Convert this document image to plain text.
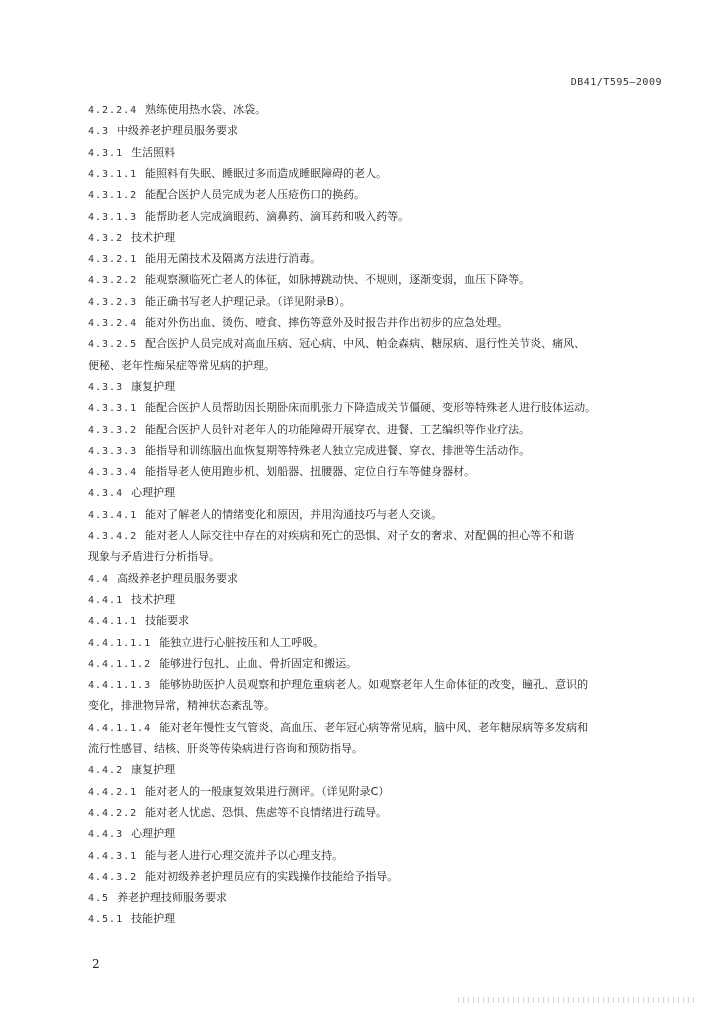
DB41/T595—2009
4.2.2.4 熟练使用热水袋、冰袋。
4.3 中级养老护理员服务要求
4.3.1 生活照料
4.3.1.1 能照料有失眠、睡眠过多而造成睡眠障碍的老人。
4.3.1.2 能配合医护人员完成为老人压疮伤口的换药。
4.3.1.3 能帮助老人完成滴眼药、滴鼻药、滴耳药和吸入药等。
4.3.2 技术护理
4.3.2.1 能用无菌技术及隔离方法进行消毒。
4.3.2.2 能观察濒临死亡老人的体征，如脉搏跳动快、不规则，逐渐变弱，血压下降等。
4.3.2.3 能正确书写老人护理记录。（详见附录B）。
4.3.2.4 能对外伤出血、烫伤、噎食、摔伤等意外及时报告并作出初步的应急处理。
4.3.2.5 配合医护人员完成对高血压病、冠心病、中风、帕金森病、糖尿病、退行性关节炎、痛风、
便秘、老年性痴呆症等常见病的护理。
4.3.3 康复护理
4.3.3.1 能配合医护人员帮助因长期卧床而肌张力下降造成关节僵硬、变形等特殊老人进行肢体运动。
4.3.3.2 能配合医护人员针对老年人的功能障碍开展穿衣、进餐、工艺编织等作业疗法。
4.3.3.3 能指导和训练脑出血恢复期等特殊老人独立完成进餐、穿衣、排泄等生活动作。
4.3.3.4 能指导老人使用跑步机、划船器、扭腰器、定位自行车等健身器材。
4.3.4 心理护理
4.3.4.1 能对了解老人的情绪变化和原因，并用沟通技巧与老人交谈。
4.3.4.2 能对老人人际交往中存在的对疾病和死亡的恐惧、对子女的奢求、对配偶的担心等不和谐
现象与矛盾进行分析指导。
4.4 高级养老护理员服务要求
4.4.1 技术护理
4.4.1.1 技能要求
4.4.1.1.1 能独立进行心脏按压和人工呼吸。
4.4.1.1.2 能够进行包扎、止血、骨折固定和搬运。
4.4.1.1.3 能够协助医护人员观察和护理危重病老人。如观察老年人生命体征的改变，瞳孔、意识的
变化，排泄物异常，精神状态紊乱等。
4.4.1.1.4 能对老年慢性支气管炎、高血压、老年冠心病等常见病，脑中风、老年糖尿病等多发病和
流行性感冒、结核、肝炎等传染病进行咨询和预防指导。
4.4.2 康复护理
4.4.2.1 能对老人的一般康复效果进行测评。（详见附录C）
4.4.2.2 能对老人忧虑、恐惧、焦虑等不良情绪进行疏导。
4.4.3 心理护理
4.4.3.1 能与老人进行心理交流并予以心理支持。
4.4.3.2 能对初级养老护理员应有的实践操作技能给予指导。
4.5 养老护理技师服务要求
4.5.1 技能护理
2
